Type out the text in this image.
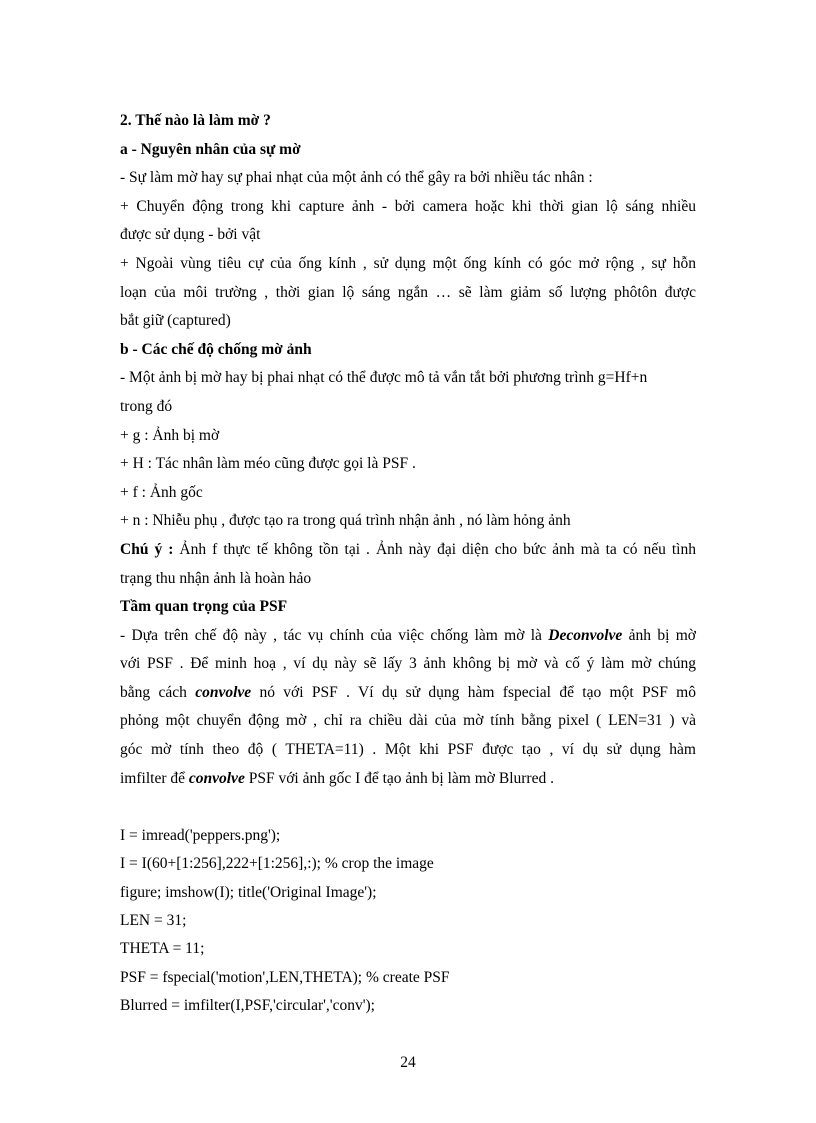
2. Thế nào là làm mờ ?

a - Nguyên nhân của sự mờ

- Sự làm mờ hay sự phai nhạt của một ảnh có thể gây ra bởi nhiều tác nhân :

+ Chuyển động trong khi capture ảnh - bởi camera hoặc khi thời gian lộ sáng nhiều

được sử dụng - bởi vật

+ Ngoài vùng tiêu cự của ống kính , sử dụng một ống kính có góc mở rộng , sự hỗn

loạn của môi trường , thời gian lộ sáng ngắn … sẽ làm giảm số lượng phôtôn được

bắt giữ (captured)

b - Các chế độ chống mờ ảnh

- Một ảnh bị mờ hay bị phai nhạt có thể được mô tả vắn tắt bởi phương trình g=Hf+n

trong đó

+ g : Ảnh bị mờ

+ H : Tác nhân làm méo cũng được gọi là PSF .

+ f : Ảnh gốc

+ n : Nhiễu phụ , được tạo ra trong quá trình nhận ảnh , nó làm hỏng ảnh

Chú ý : Ảnh f thực tế không tồn tại . Ảnh này đại diện cho bức ảnh mà ta có nếu tình

trạng thu nhận ảnh là hoàn hảo

Tầm quan trọng của PSF

- Dựa trên chế độ này , tác vụ chính của việc chống làm mờ là Deconvolve ảnh bị mờ

với PSF . Để minh hoạ , ví dụ này sẽ lấy 3 ảnh không bị mờ và cố ý làm mờ chúng

bằng cách convolve nó với PSF . Ví dụ sử dụng hàm fspecial để tạo một PSF mô

phỏng một chuyển động mờ , chỉ ra chiều dài của mờ tính bằng pixel ( LEN=31 ) và

góc mờ tính theo độ ( THETA=11) . Một khi PSF được tạo , ví dụ sử dụng hàm

imfilter để convolve PSF với ảnh gốc I để tạo ảnh bị làm mờ Blurred .

I = imread('peppers.png');

I = I(60+[1:256],222+[1:256],:); % crop the image

figure; imshow(I); title('Original Image');

LEN = 31;

THETA = 11;

PSF = fspecial('motion',LEN,THETA); % create PSF

Blurred = imfilter(I,PSF,'circular','conv');

24
